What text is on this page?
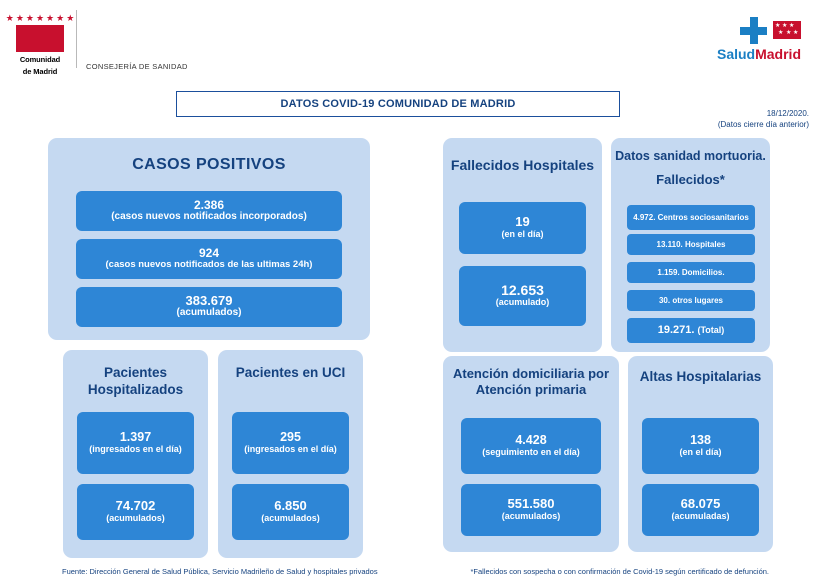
★ ★ ★ ★ ★ ★ ★
Comunidad
de Madrid
CONSEJERÍA DE SANIDAD
★ ★ ★
★ ★ ★
SaludMadrid
DATOS COVID-19 COMUNIDAD DE MADRID
18/12/2020.
(Datos cierre día anterior)
CASOS POSITIVOS
2.386
(casos nuevos notificados incorporados)
924
(casos nuevos notificados de las ultimas 24h)
383.679
(acumulados)
Fallecidos Hospitales
19
(en el día)
12.653
(acumulado)
Datos sanidad mortuoria.
Fallecidos*
4.972. Centros sociosanitarios
13.110. Hospitales
1.159. Domicilios.
30. otros lugares
19.271.
(Total)
Pacientes Hospitalizados
1.397
(ingresados en el día)
74.702
(acumulados)
Pacientes en UCI
295
(ingresados en el día)
6.850
(acumulados)
Atención domiciliaria por Atención primaria
4.428
(seguimiento en el día)
551.580
(acumulados)
Altas Hospitalarias
138
(en el día)
68.075
(acumuladas)
Fuente: Dirección General de Salud Pública, Servicio Madrileño de Salud y hospitales privados	*Fallecidos con sospecha o con confirmación de Covid-19 según certificado de defunción.
